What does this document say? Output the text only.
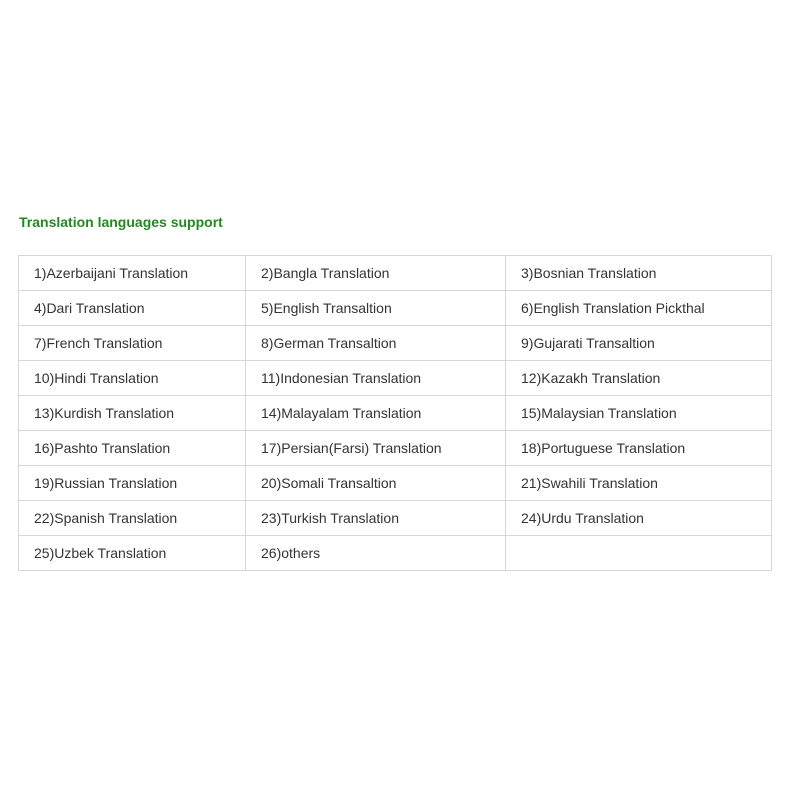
Translation languages support
1)Azerbaijani Translation	2)Bangla Translation	3)Bosnian Translation
4)Dari Translation	5)English Transaltion	6)English Translation Pickthal
7)French Translation	8)German Transaltion	9)Gujarati Transaltion
10)Hindi Translation	11)Indonesian Translation	12)Kazakh Translation
13)Kurdish Translation	14)Malayalam Translation	15)Malaysian Translation
16)Pashto Translation	17)Persian(Farsi) Translation	18)Portuguese Translation
19)Russian Translation	20)Somali Transaltion	21)Swahili Translation
22)Spanish Translation	23)Turkish Translation	24)Urdu Translation
25)Uzbek Translation	26)others	
